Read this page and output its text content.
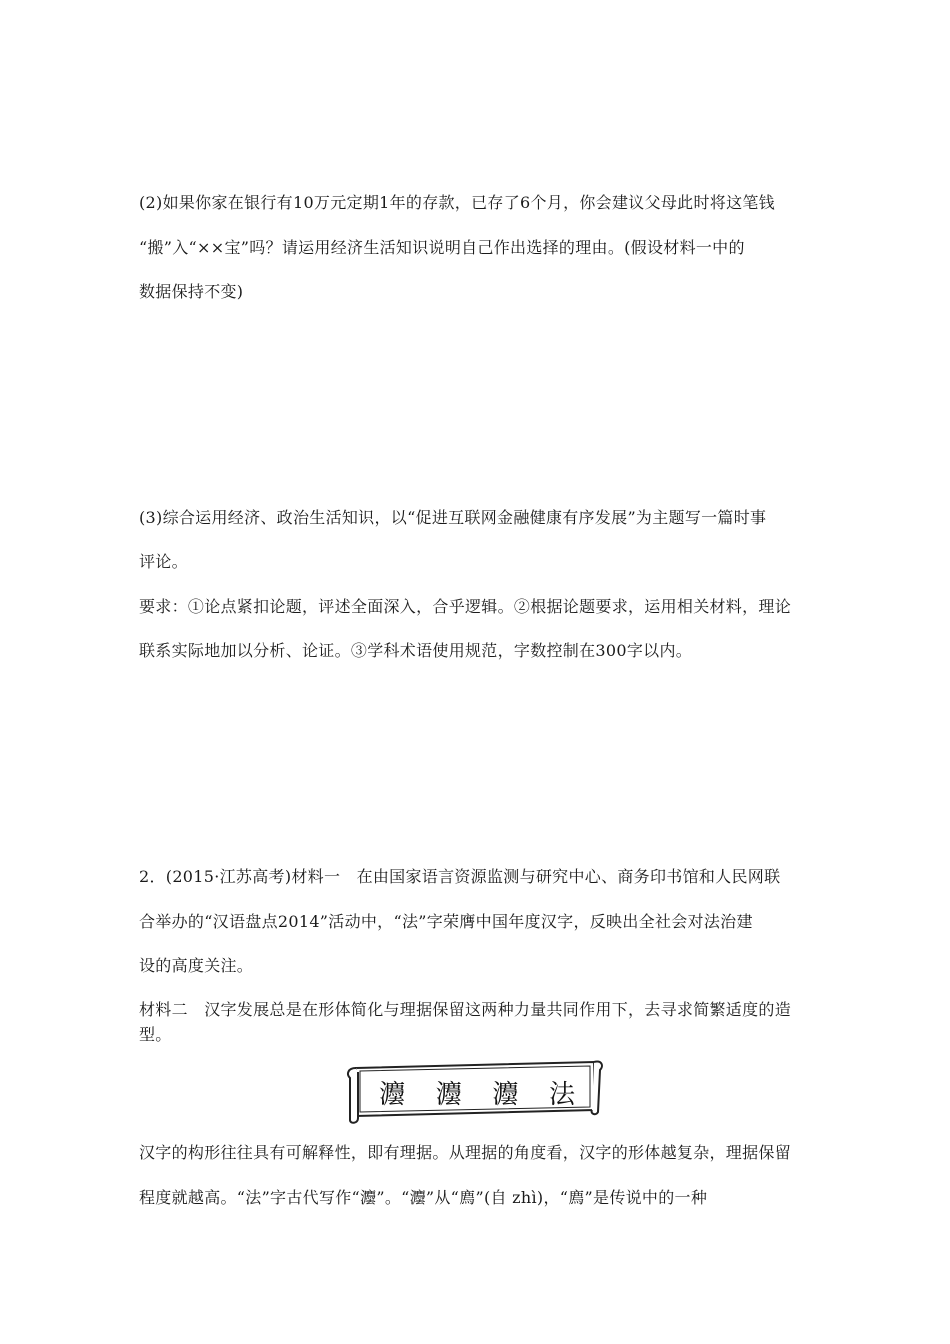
(2)如果你家在银行有10万元定期1年的存款，已存了6个月，你会建议父母此时将这笔钱
“搬”入“××宝”吗？请运用经济生活知识说明自己作出选择的理由。(假设材料一中的
数据保持不变)
(3)综合运用经济、政治生活知识，以“促进互联网金融健康有序发展”为主题写一篇时事
评论。
要求：①论点紧扣论题，评述全面深入，合乎逻辑。②根据论题要求，运用相关材料，理论
联系实际地加以分析、论证。③学科术语使用规范，字数控制在300字以内。
2．(2015·江苏高考)材料一　在由国家语言资源监测与研究中心、商务印书馆和人民网联
合举办的“汉语盘点2014”活动中，“法”字荣膺中国年度汉字，反映出全社会对法治建
设的高度关注。
材料二　汉字发展总是在形体简化与理据保留这两种力量共同作用下，去寻求简繁适度的造
型。
灋 灋 灋 法
汉字的构形往往具有可解释性，即有理据。从理据的角度看，汉字的形体越复杂，理据保留
程度就越高。“法”字古代写作“灋”。“灋”从“廌”(自 zhì)，“廌”是传说中的一种
